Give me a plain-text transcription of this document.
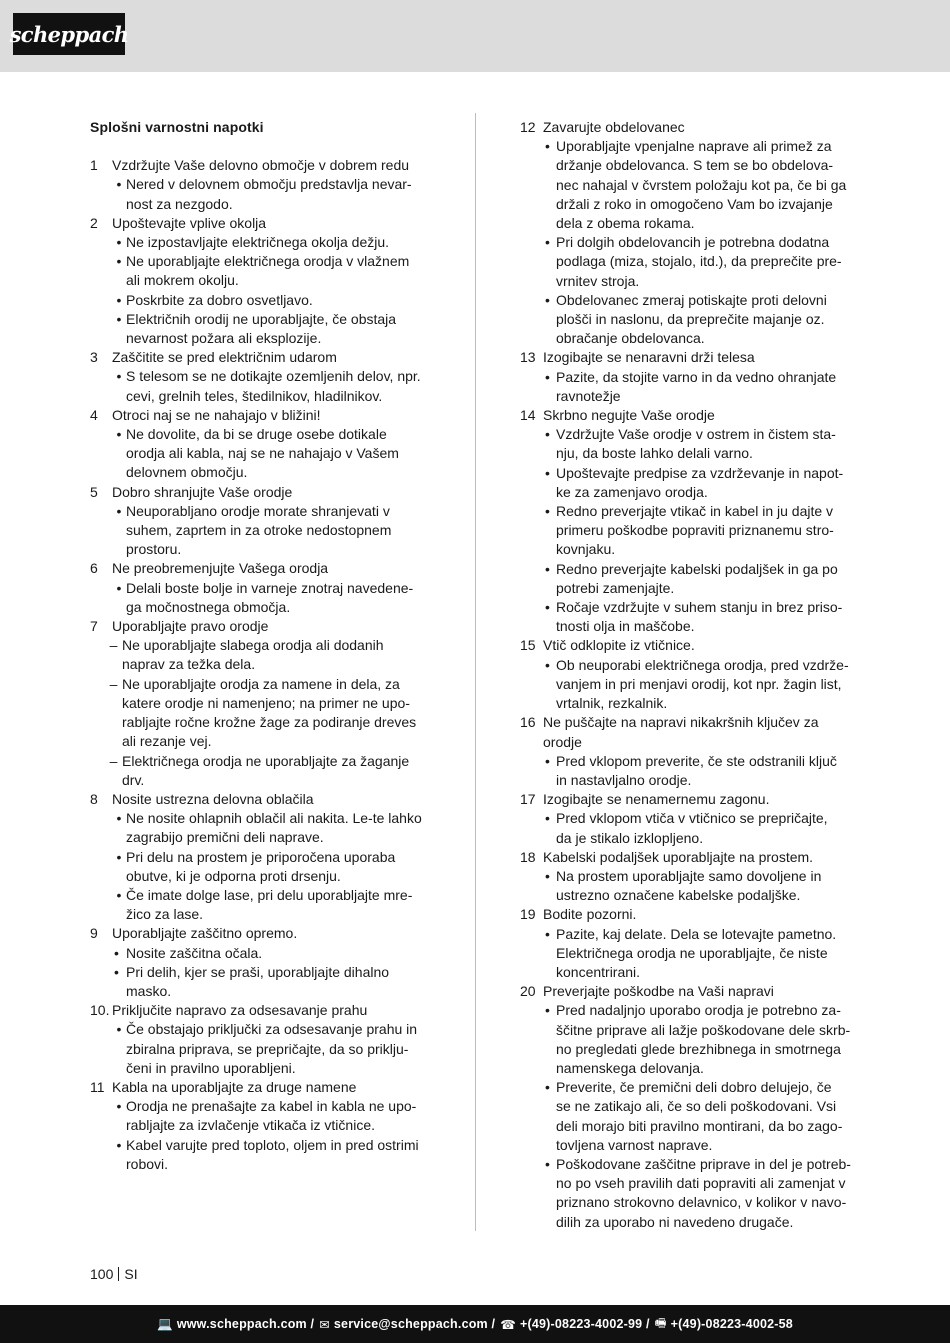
scheppach
Splošni varnostni napotki
1	Vzdržujte Vaše delovno območje v dobrem redu
• Nered v delovnem območju predstavlja nevar-
nost za nezgodo.
2	Upoštevajte vplive okolja
• Ne izpostavljajte električnega okolja dežju.
• Ne uporabljajte električnega orodja v vlažnem
ali mokrem okolju.
• Poskrbite za dobro osvetljavo.
• Električnih orodij ne uporabljajte, če obstaja
nevarnost požara ali eksplozije.
3	Zaščitite se pred električnim udarom
• S telesom se ne dotikajte ozemljenih delov, npr.
cevi, grelnih teles, štedilnikov, hladilnikov.
4	Otroci naj se ne nahajajo v bližini!
• Ne dovolite, da bi se druge osebe dotikale
orodja ali kabla, naj se ne nahajajo v Vašem
delovnem območju.
5	Dobro shranjujte Vaše orodje
• Neuporabljano orodje morate shranjevati v
suhem, zaprtem in za otroke nedostopnem
prostoru.
6	Ne preobremenjujte Vašega orodja
• Delali boste bolje in varneje znotraj navedene-
ga močnostnega območja.
7	Uporabljajte pravo orodje
– Ne uporabljajte slabega orodja ali dodanih
naprav za težka dela.
– Ne uporabljajte orodja za namene in dela, za
katere orodje ni namenjeno; na primer ne upo-
rabljajte ročne krožne žage za podiranje dreves
ali rezanje vej.
– Električnega orodja ne uporabljajte za žaganje
drv.
8	Nosite ustrezna delovna oblačila
• Ne nosite ohlapnih oblačil ali nakita. Le-te lahko
zagrabijo premični deli naprave.
• Pri delu na prostem je priporočena uporaba
obutve, ki je odporna proti drsenju.
• Če imate dolge lase, pri delu uporabljajte mre-
žico za lase.
9	Uporabljajte zaščitno opremo.
• Nosite zaščitna očala.
• Pri delih, kjer se praši, uporabljajte dihalno
masko.
10. Priključite napravo za odsesavanje prahu
• Če obstajajo priključki za odsesavanje prahu in
zbiralna priprava, se prepričajte, da so priklju-
čeni in pravilno uporabljeni.
11 Kabla na uporabljajte za druge namene
• Orodja ne prenašajte za kabel in kabla ne upo-
rabljajte za izvlačenje vtikača iz vtičnice.
• Kabel varujte pred toploto, oljem in pred ostrimi
robovi.
12 Zavarujte obdelovanec
• Uporabljajte vpenjalne naprave ali primež za
držanje obdelovanca. S tem se bo obdelova-
nec nahajal v čvrstem položaju kot pa, če bi ga
držali z roko in omogočeno Vam bo izvajanje
dela z obema rokama.
• Pri dolgih obdelovancih je potrebna dodatna
podlaga (miza, stojalo, itd.), da preprečite pre-
vrnitev stroja.
• Obdelovanec zmeraj potiskajte proti delovni
plošči in naslonu, da preprečite majanje oz.
obračanje obdelovanca.
13 Izogibajte se nenaravni drži telesa
• Pazite, da stojite varno in da vedno ohranjate
ravnotežje
14 Skrbno negujte Vaše orodje
• Vzdržujte Vaše orodje v ostrem in čistem sta-
nju, da boste lahko delali varno.
• Upoštevajte predpise za vzdrževanje in napot-
ke za zamenjavo orodja.
• Redno preverjajte vtikač in kabel in ju dajte v
primeru poškodbe popraviti priznanemu stro-
kovnjaku.
• Redno preverjajte kabelski podaljšek in ga po
potrebi zamenjajte.
• Ročaje vzdržujte v suhem stanju in brez priso-
tnosti olja in maščobe.
15 Vtič odklopite iz vtičnice.
• Ob neuporabi električnega orodja, pred vzdrže-
vanjem in pri menjavi orodij, kot npr. žagin list,
vrtalnik, rezkalnik.
16 Ne puščajte na napravi nikakršnih ključev za
orodje
• Pred vklopom preverite, če ste odstranili ključ
in nastavljalno orodje.
17 Izogibajte se nenamernemu zagonu.
• Pred vklopom vtiča v vtičnico se prepričajte,
da je stikalo izklopljeno.
18 Kabelski podaljšek uporabljajte na prostem.
• Na prostem uporabljajte samo dovoljene in
ustrezno označene kabelske podaljške.
19 Bodite pozorni.
• Pazite, kaj delate. Dela se lotevajte pametno.
Električnega orodja ne uporabljajte, če niste
koncentrirani.
20 Preverjajte poškodbe na Vaši napravi
• Pred nadaljnjo uporabo orodja je potrebno za-
ščitne priprave ali lažje poškodovane dele skrb-
no pregledati glede brezhibnega in smotrnega
namenskega delovanja.
• Preverite, če premični deli dobro delujejo, če
se ne zatikajo ali, če so deli poškodovani. Vsi
deli morajo biti pravilno montirani, da bo zago-
tovljena varnost naprave.
• Poškodovane zaščitne priprave in del je potreb-
no po vseh pravilih dati popraviti ali zamenjat v
priznano strokovno delavnico, v kolikor v navo-
dilih za uporabo ni navedeno drugače.
100 SI
💻 www.scheppach.com / ✉ service@scheppach.com / ☎ +(49)-08223-4002-99 / 🖷 +(49)-08223-4002-58
